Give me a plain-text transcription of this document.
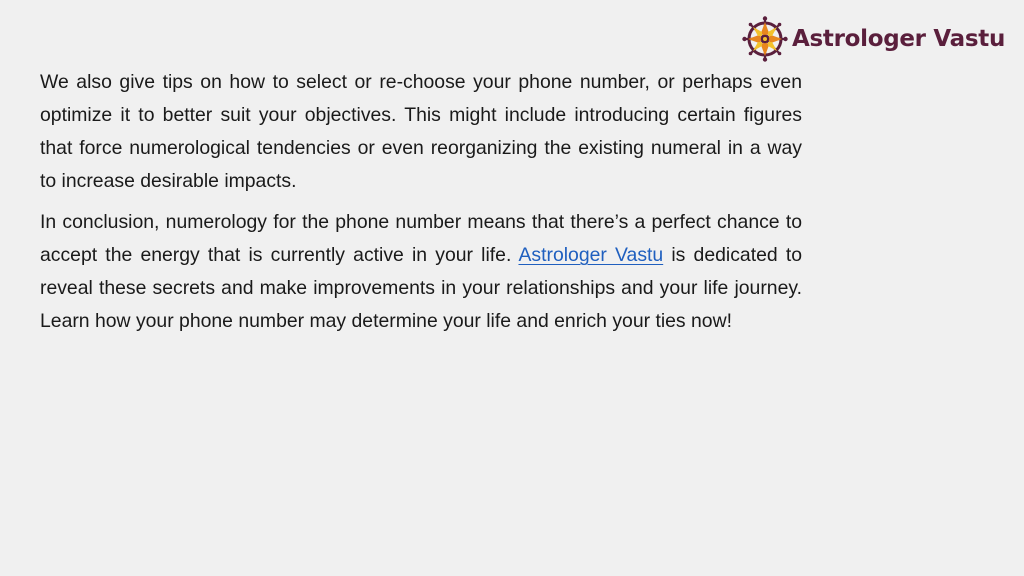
Astrologer Vastu

We also give tips on how to select or re-choose your phone number, or perhaps even optimize it to better suit your objectives. This might include introducing certain figures that force numerological tendencies or even reorganizing the existing numeral in a way to increase desirable impacts.

In conclusion, numerology for the phone number means that there’s a perfect chance to accept the energy that is currently active in your life. Astrologer Vastu is dedicated to reveal these secrets and make improvements in your relationships and your life journey. Learn how your phone number may determine your life and enrich your ties now!
